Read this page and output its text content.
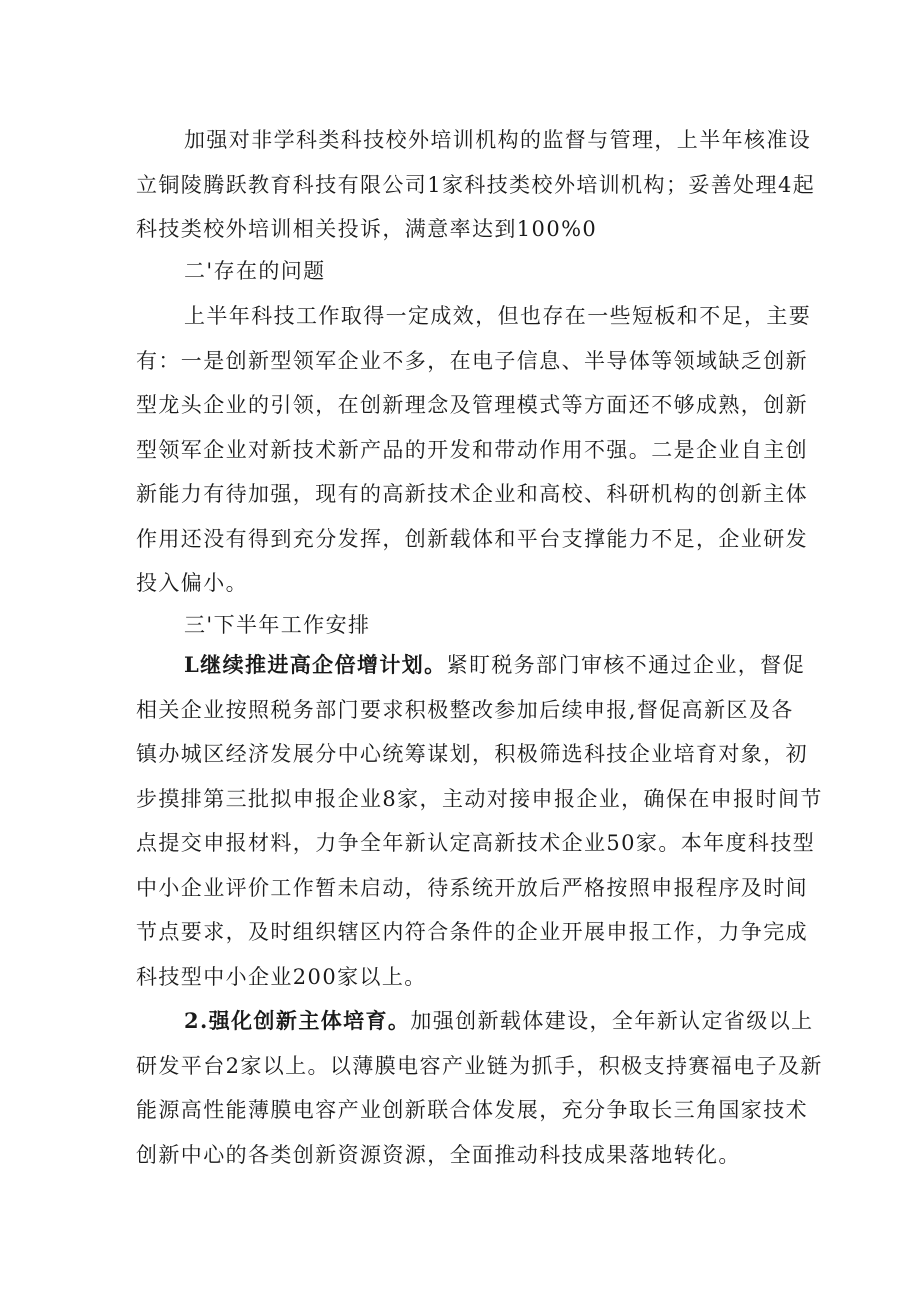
加强对非学科类科技校外培训机构的监督与管理，上半年核准设
立铜陵腾跃教育科技有限公司1家科技类校外培训机构；妥善处理4起
科技类校外培训相关投诉，满意率达到100%0
二'存在的问题
上半年科技工作取得一定成效，但也存在一些短板和不足，主要
有：一是创新型领军企业不多，在电子信息、半导体等领域缺乏创新
型龙头企业的引领，在创新理念及管理模式等方面还不够成熟，创新
型领军企业对新技术新产品的开发和带动作用不强。二是企业自主创
新能力有待加强，现有的高新技术企业和高校、科研机构的创新主体
作用还没有得到充分发挥，创新载体和平台支撑能力不足，企业研发
投入偏小。
三'下半年工作安排
L继续推进高企倍增计划。紧盯税务部门审核不通过企业，督促
相关企业按照税务部门要求积极整改参加后续申报,督促高新区及各
镇办城区经济发展分中心统筹谋划，积极筛选科技企业培育对象，初
步摸排第三批拟申报企业8家，主动对接申报企业，确保在申报时间节
点提交申报材料，力争全年新认定高新技术企业50家。本年度科技型
中小企业评价工作暂未启动，待系统开放后严格按照申报程序及时间
节点要求，及时组织辖区内符合条件的企业开展申报工作，力争完成
科技型中小企业200家以上。
2.强化创新主体培育。加强创新载体建设，全年新认定省级以上
研发平台2家以上。以薄膜电容产业链为抓手，积极支持赛福电子及新
能源高性能薄膜电容产业创新联合体发展，充分争取长三角国家技术
创新中心的各类创新资源资源，全面推动科技成果落地转化。
